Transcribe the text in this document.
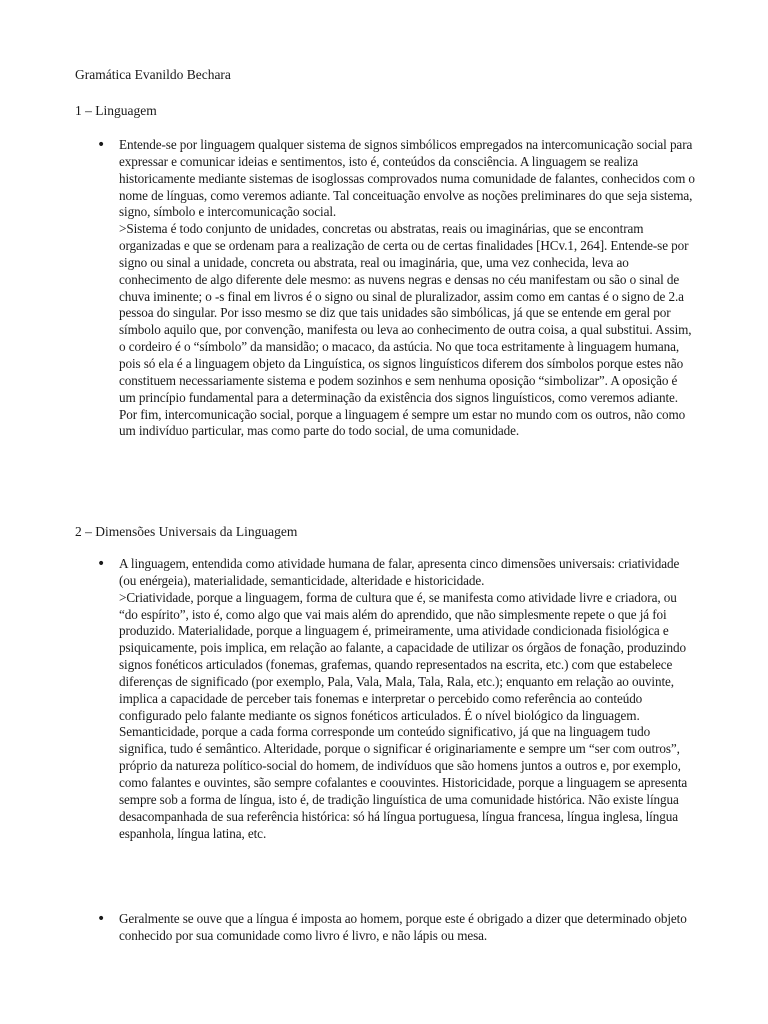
Gramática Evanildo Bechara
1 – Linguagem
• Entende-se por linguagem qualquer sistema de signos simbólicos empregados na intercomunicação social para expressar e comunicar ideias e sentimentos, isto é, conteúdos da consciência. A linguagem se realiza historicamente mediante sistemas de isoglossas comprovados numa comunidade de falantes, conhecidos com o nome de línguas, como veremos adiante. Tal conceituação envolve as noções preliminares do que seja sistema, signo, símbolo e intercomunicação social.

>Sistema é todo conjunto de unidades, concretas ou abstratas, reais ou imaginárias, que se encontram organizadas e que se ordenam para a realização de certa ou de certas finalidades [HCv.1, 264]. Entende-se por signo ou sinal a unidade, concreta ou abstrata, real ou imaginária, que, uma vez conhecida, leva ao conhecimento de algo diferente dele mesmo: as nuvens negras e densas no céu manifestam ou são o sinal de chuva iminente; o -s final em livros é o signo ou sinal de pluralizador, assim como em cantas é o signo de 2.a pessoa do singular. Por isso mesmo se diz que tais unidades são simbólicas, já que se entende em geral por símbolo aquilo que, por convenção, manifesta ou leva ao conhecimento de outra coisa, a qual substitui. Assim, o cordeiro é o “símbolo” da mansidão; o macaco, da astúcia. No que toca estritamente à linguagem humana, pois só ela é a linguagem objeto da Linguística, os signos linguísticos diferem dos símbolos porque estes não constituem necessariamente sistema e podem sozinhos e sem nenhuma oposição “simbolizar”. A oposição é um princípio fundamental para a determinação da existência dos signos linguísticos, como veremos adiante. Por fim, intercomunicação social, porque a linguagem é sempre um estar no mundo com os outros, não como um indivíduo particular, mas como parte do todo social, de uma comunidade.

2 – Dimensões Universais da Linguagem
• A linguagem, entendida como atividade humana de falar, apresenta cinco dimensões universais: criatividade (ou enérgeia), materialidade, semanticidade, alteridade e historicidade.

>Criatividade, porque a linguagem, forma de cultura que é, se manifesta como atividade livre e criadora, ou “do espírito”, isto é, como algo que vai mais além do aprendido, que não simplesmente repete o que já foi produzido. Materialidade, porque a linguagem é, primeiramente, uma atividade condicionada fisiológica e psiquicamente, pois implica, em relação ao falante, a capacidade de utilizar os órgãos de fonação, produzindo signos fonéticos articulados (fonemas, grafemas, quando representados na escrita, etc.) com que estabelece diferenças de significado (por exemplo, Pala, Vala, Mala, Tala, Rala, etc.); enquanto em relação ao ouvinte, implica a capacidade de perceber tais fonemas e interpretar o percebido como referência ao conteúdo configurado pelo falante mediante os signos fonéticos articulados. É o nível biológico da linguagem. Semanticidade, porque a cada forma corresponde um conteúdo significativo, já que na linguagem tudo significa, tudo é semântico. Alteridade, porque o significar é originariamente e sempre um “ser com outros”, próprio da natureza político-social do homem, de indivíduos que são homens juntos a outros e, por exemplo, como falantes e ouvintes, são sempre cofalantes e coouvintes. Historicidade, porque a linguagem se apresenta sempre sob a forma de língua, isto é, de tradição linguística de uma comunidade histórica. Não existe língua desacompanhada de sua referência histórica: só há língua portuguesa, língua francesa, língua inglesa, língua espanhola, língua latina, etc.

• Geralmente se ouve que a língua é imposta ao homem, porque este é obrigado a dizer que determinado objeto conhecido por sua comunidade como livro é livro, e não lápis ou mesa.
